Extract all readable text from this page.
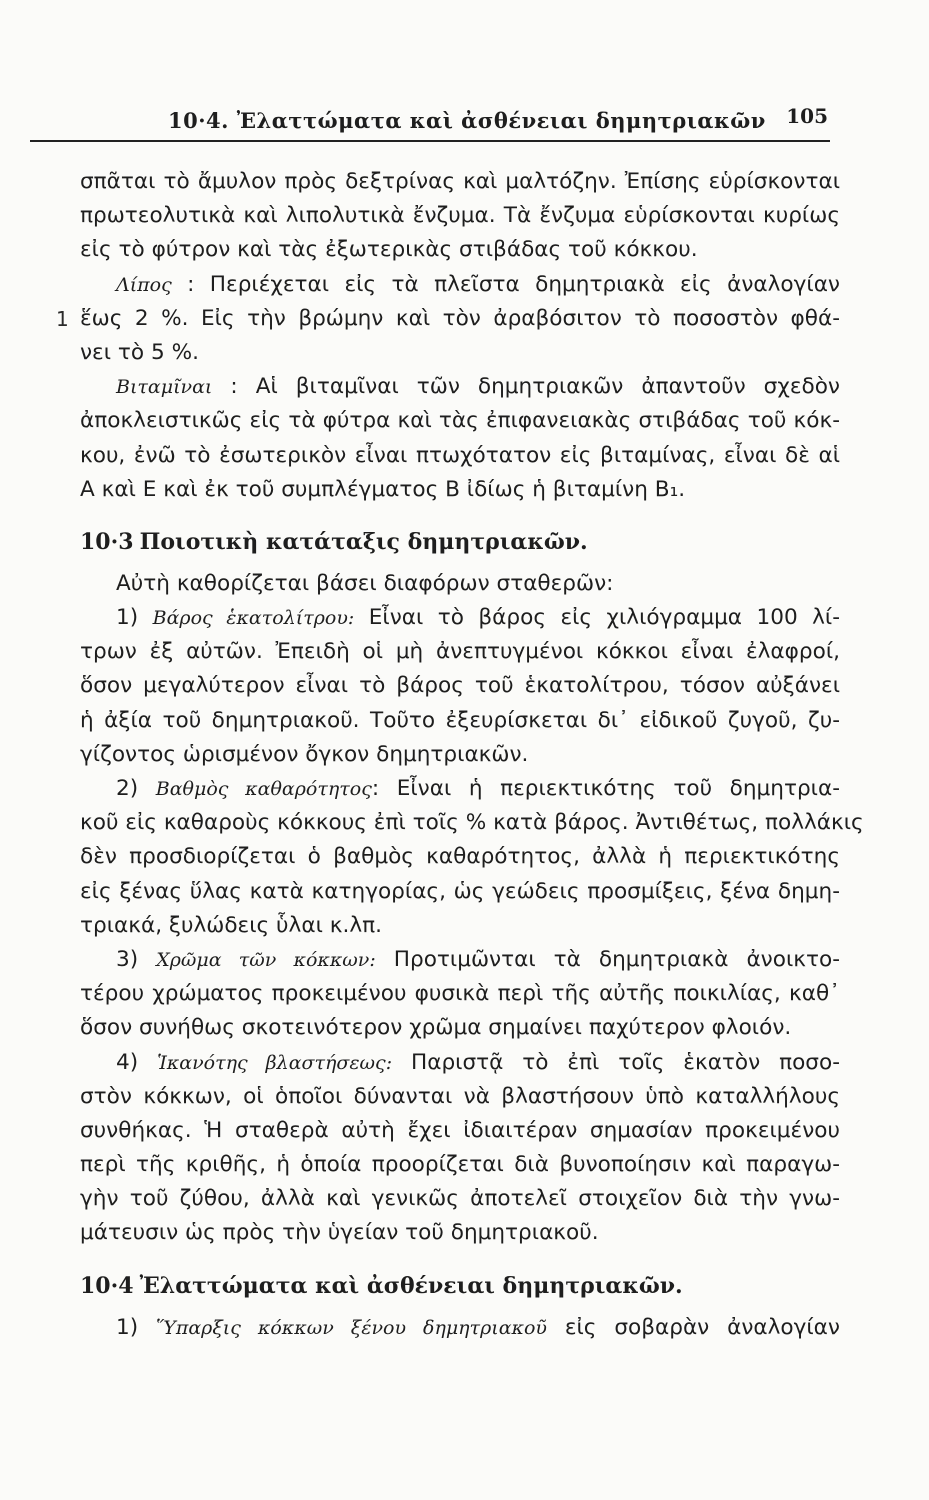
10·4. Ἐλαττώματα καὶ ἀσθένειαι δημητριακῶν 105
σπᾶται τὸ ἄμυλον πρὸς δεξτρίνας καὶ μαλτόζην. Ἐπίσης εὑρίσκονται
πρωτεολυτικὰ καὶ λιπολυτικὰ ἔνζυμα. Τὰ ἔνζυμα εὑρίσκονται κυρίως
εἰς τὸ φύτρον καὶ τὰς ἐξωτερικὰς στιβάδας τοῦ κόκκου.
Λίπος : Περιέχεται εἰς τὰ πλεῖστα δημητριακὰ εἰς ἀναλογίαν
1 ἕως 2 %. Εἰς τὴν βρώμην καὶ τὸν ἀραβόσιτον τὸ ποσοστὸν φθά-
νει τὸ 5 %.
Βιταμῖναι : Αἱ βιταμῖναι τῶν δημητριακῶν ἀπαντοῦν σχεδὸν
ἀποκλειστικῶς εἰς τὰ φύτρα καὶ τὰς ἐπιφανειακὰς στιβάδας τοῦ κόκ-
κου, ἐνῶ τὸ ἐσωτερικὸν εἶναι πτωχότατον εἰς βιταμίνας, εἶναι δὲ αἱ
Α καὶ Ε καὶ ἐκ τοῦ συμπλέγματος Β ἰδίως ἡ βιταμίνη Β₁.
10·3 Ποιοτικὴ κατάταξις δημητριακῶν.
Αὐτὴ καθορίζεται βάσει διαφόρων σταθερῶν:
1) Βάρος ἑκατολίτρου: Εἶναι τὸ βάρος εἰς χιλιόγραμμα 100 λί-
τρων ἐξ αὐτῶν. Ἐπειδὴ οἱ μὴ ἀνεπτυγμένοι κόκκοι εἶναι ἐλαφροί,
ὅσον μεγαλύτερον εἶναι τὸ βάρος τοῦ ἑκατολίτρου, τόσον αὐξάνει
ἡ ἀξία τοῦ δημητριακοῦ. Τοῦτο ἐξευρίσκεται δι᾽ εἰδικοῦ ζυγοῦ, ζυ-
γίζοντος ὡρισμένον ὄγκον δημητριακῶν.
2) Βαθμὸς καθαρότητος: Εἶναι ἡ περιεκτικότης τοῦ δημητρια-
κοῦ εἰς καθαροὺς κόκκους ἐπὶ τοῖς % κατὰ βάρος. Ἀντιθέτως, πολλάκις
δὲν προσδιορίζεται ὁ βαθμὸς καθαρότητος, ἀλλὰ ἡ περιεκτικότης
εἰς ξένας ὕλας κατὰ κατηγορίας, ὡς γεώδεις προσμίξεις, ξένα δημη-
τριακά, ξυλώδεις ὗλαι κ.λπ.
3) Χρῶμα τῶν κόκκων: Προτιμῶνται τὰ δημητριακὰ ἀνοικτο-
τέρου χρώματος προκειμένου φυσικὰ περὶ τῆς αὐτῆς ποικιλίας, καθ᾽
ὅσον συνήθως σκοτεινότερον χρῶμα σημαίνει παχύτερον φλοιόν.
4) Ἱκανότης βλαστήσεως: Παριστᾷ τὸ ἐπὶ τοῖς ἑκατὸν ποσο-
στὸν κόκκων, οἱ ὁποῖοι δύνανται νὰ βλαστήσουν ὑπὸ καταλλήλους
συνθήκας. Ἡ σταθερὰ αὐτὴ ἔχει ἰδιαιτέραν σημασίαν προκειμένου
περὶ τῆς κριθῆς, ἡ ὁποία προορίζεται διὰ βυνοποίησιν καὶ παραγω-
γὴν τοῦ ζύθου, ἀλλὰ καὶ γενικῶς ἀποτελεῖ στοιχεῖον διὰ τὴν γνω-
μάτευσιν ὡς πρὸς τὴν ὑγείαν τοῦ δημητριακοῦ.
10·4 Ἐλαττώματα καὶ ἀσθένειαι δημητριακῶν.
1) Ὕπαρξις κόκκων ξένου δημητριακοῦ εἰς σοβαρὰν ἀναλογίαν
